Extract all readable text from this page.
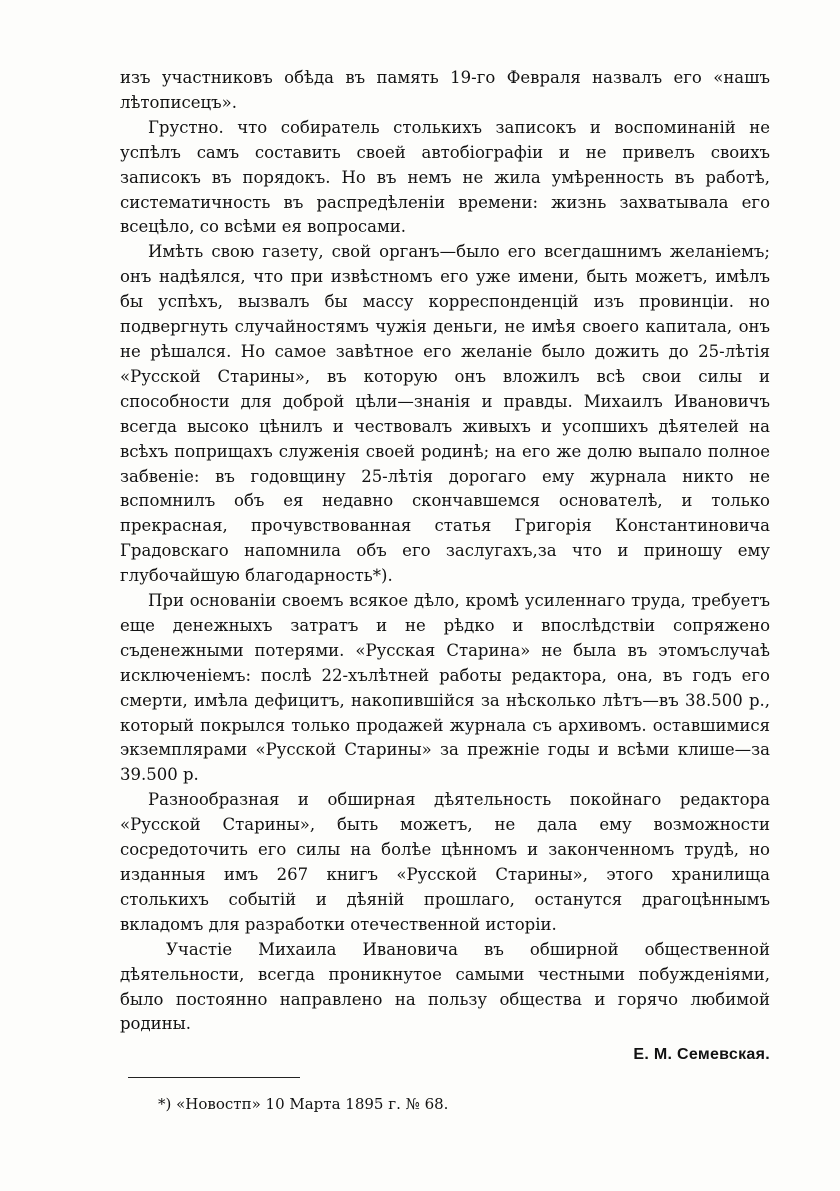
изъ участниковъ обѣда въ память 19-го Февраля назвалъ его «нашъ лѣтописецъ».

Грустно. что собиратель столькихъ записокъ и воспоминанiй не успѣлъ самъ составить своей автобiографiи и не привелъ своихъ записокъ въ порядокъ. Но въ немъ не жила умѣренность въ работѣ, систематичность въ распредѣленiи времени: жизнь захватывала его всецѣло, со всѣми ея вопросами.

Имѣть свою газету, свой органъ—было его всегдашнимъ желанiемъ; онъ надѣялся, что при извѣстномъ его уже имени, быть можетъ, имѣлъ бы успѣхъ, вызвалъ бы массу корреспонденцiй изъ провинцiи. но подвергнуть случайностямъ чужiя деньги, не имѣя своего капитала, онъ не рѣшался. Но самое завѣтное его желанiе было дожить до 25-лѣтiя «Русской Старины», въ которую онъ вложилъ всѣ свои силы и способности для доброй цѣли—знанiя и правды. Михаилъ Ивановичъ всегда высоко цѣнилъ и чествовалъ живыхъ и усопшихъ дѣятелей на всѣхъ поприщахъ служенiя своей родинѣ; на его же долю выпало полное забвенiе: въ годовщину 25-лѣтiя дорогаго ему журнала никто не вспомнилъ объ ея недавно скончавшемся основателѣ, и только прекрасная, прочувствованная статья Григорiя Константиновича Градовскаго напомнила объ его заслугахъ,за что и приношу ему глубочайшую благодарность*).

При основанiи своемъ всякое дѣло, кромѣ усиленнаго труда, требуетъ еще денежныхъ затратъ и не рѣдко и впослѣдствiи сопряжено съденежными потерями. «Русская Старина» не была въ этомъслучаѣ исключенiемъ: послѣ 22-хълѣтней работы редактора, она, въ годъ его смерти, имѣла дефицитъ, накопившiйся за нѣсколько лѣтъ—въ 38.500 р., который покрылся только продажей журнала съ архивомъ. оставшимися экземплярами «Русской Старины» за прежнiе годы и всѣми клише—за 39.500 р.

Разнообразная и обширная дѣятельность покойнаго редактора «Русской Старины», быть можетъ, не дала ему возможности сосредоточить его силы на болѣе цѣнномъ и законченномъ трудѣ, но изданныя имъ 267 книгъ «Русской Старины», этого хранилища столькихъ событiй и дѣянiй прошлаго, останутся драгоцѣннымъ вкладомъ для разработки отечественной исторiи.

Участiе Михаила Ивановича въ обширной общественной дѣятельности, всегда проникнутое самыми честными побужденiями, было постоянно направлено на пользу общества и горячо любимой родины.

Е. М. Семевская.
*) «Новостп» 10 Марта 1895 г. № 68.
